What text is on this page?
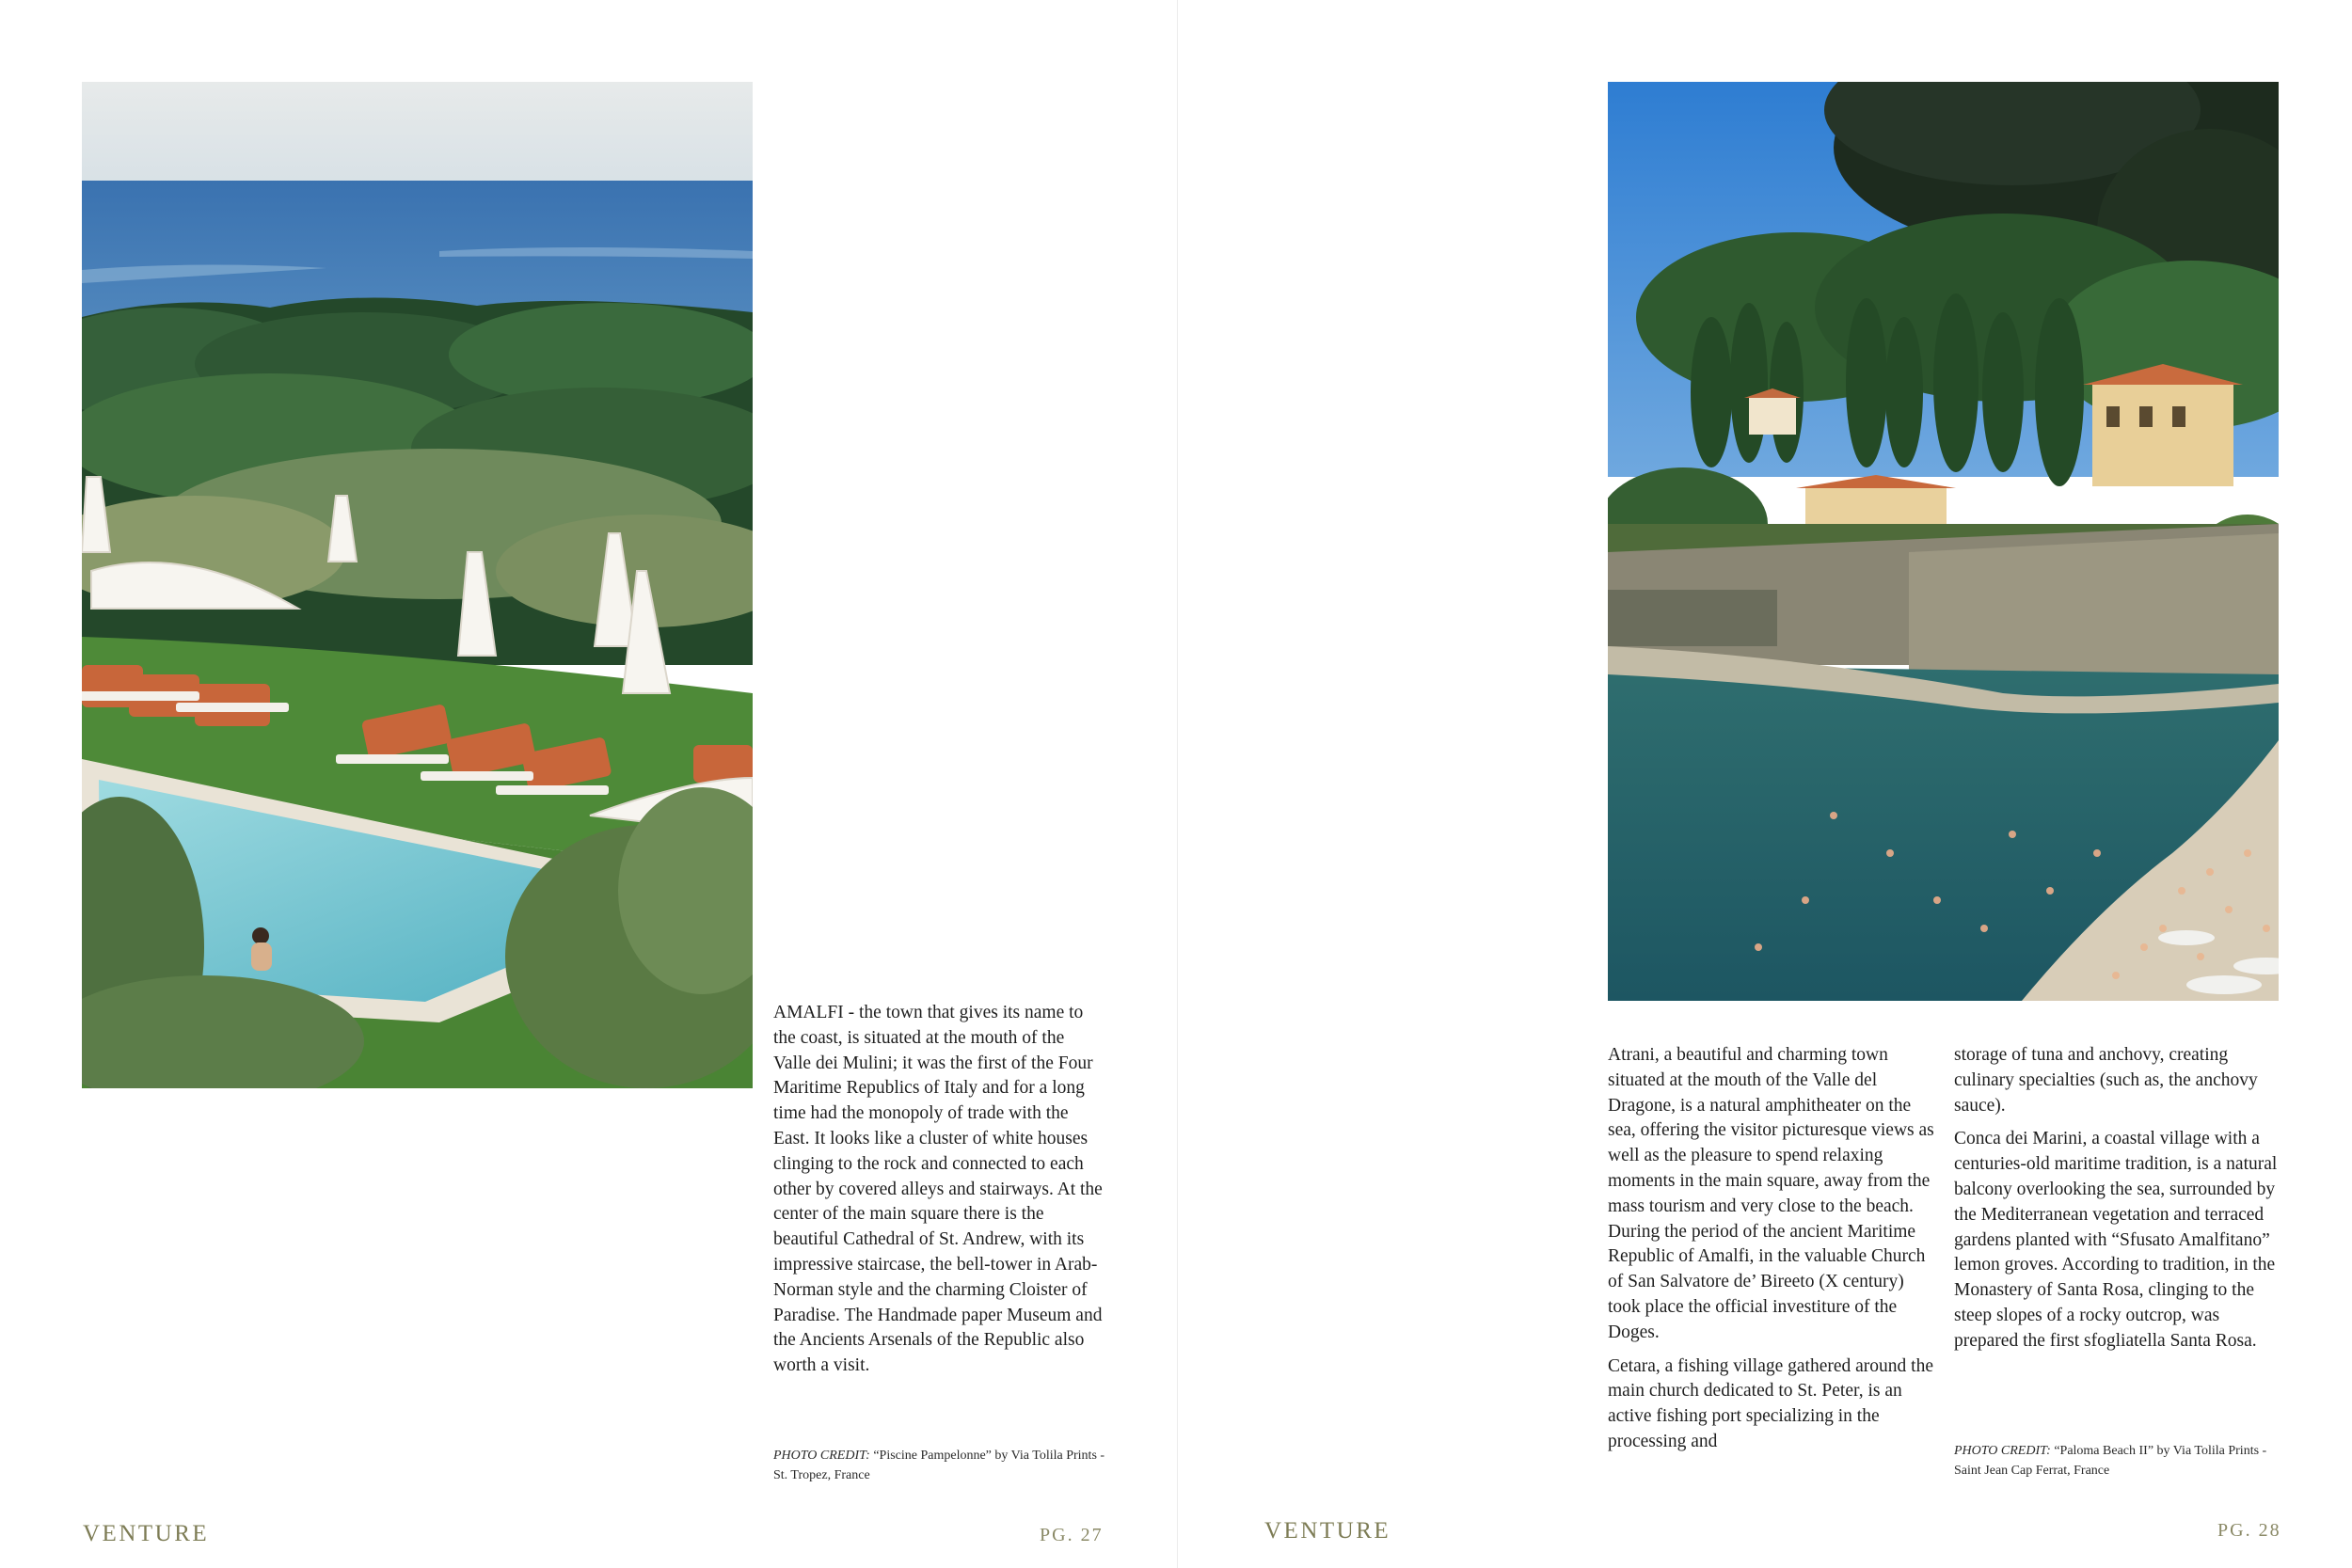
AMALFI - the town that gives its name to the coast, is situated at the mouth of the Valle dei Mulini; it was the first of the Four Maritime Republics of Italy and for a long time had the monopoly of trade with the East. It looks like a cluster of white houses clinging to the rock and connected to each other by covered alleys and stairways. At the center of the main square there is the beautiful Cathedral of St. Andrew, with its impressive staircase, the bell-tower in Arab-Norman style and the charming Cloister of Paradise. The Handmade paper Museum and the Ancients Arsenals of the Republic also worth a visit.

PHOTO CREDIT: “Piscine Pampelonne” by Via Tolila Prints - St. Tropez, France
VENTURE	PG. 27

Atrani, a beautiful and charming town situated at the mouth of the Valle del Dragone, is a natural amphitheater on the sea, offering the visitor picturesque views as well as the pleasure to spend relaxing moments in the main square, away from the mass tourism and very close to the beach. During the period of the ancient Maritime Republic of Amalfi, in the valuable Church of San Salvatore de’ Bireeto (X century) took place the official investiture of the Doges.

Cetara, a fishing village gathered around the main church dedicated to St. Peter, is an active fishing port specializing in the processing and

storage of tuna and anchovy, creating culinary specialties (such as, the anchovy sauce).

Conca dei Marini, a coastal village with a centuries-old maritime tradition, is a natural balcony overlooking the sea, surrounded by the Mediterranean vegetation and terraced gardens planted with “Sfusato Amalfitano” lemon groves. According to tradition, in the Monastery of Santa Rosa, clinging to the steep slopes of a rocky outcrop, was prepared the first sfogliatella Santa Rosa.

PHOTO CREDIT: “Paloma Beach II” by Via Tolila Prints - Saint Jean Cap Ferrat, France
VENTURE	PG. 28
